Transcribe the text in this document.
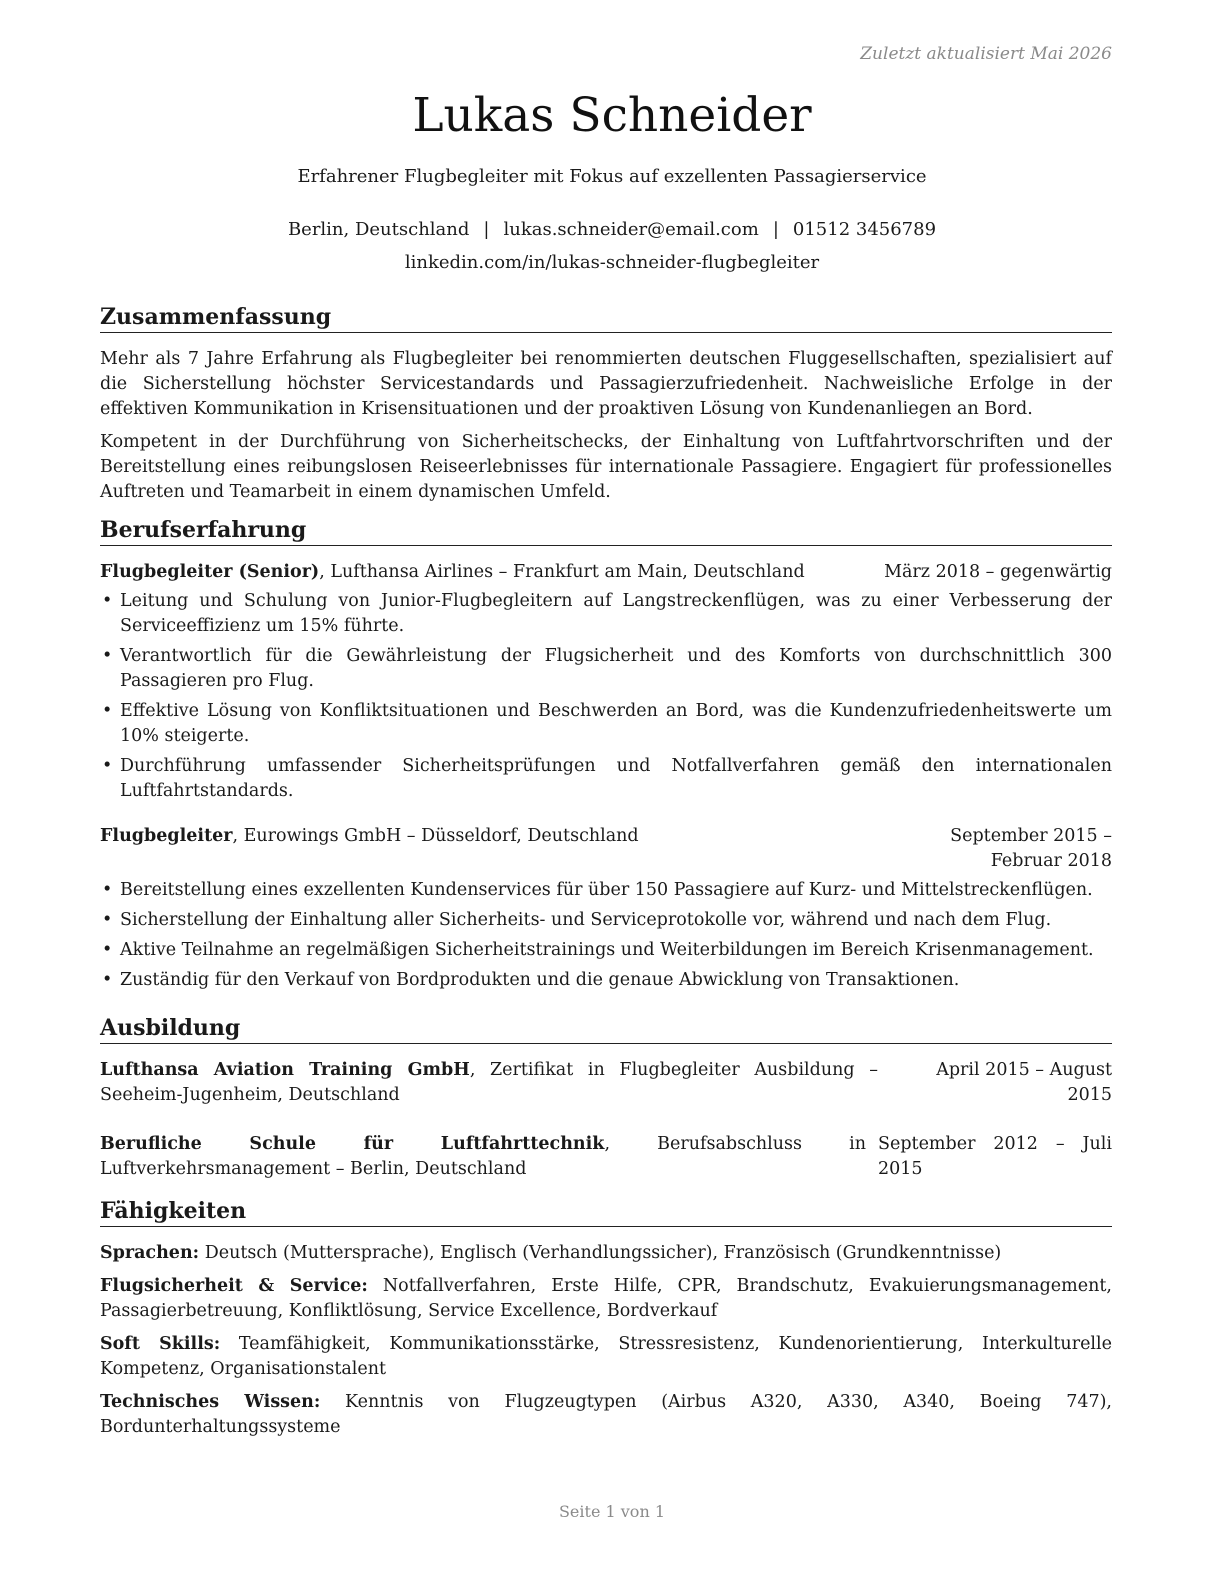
Zuletzt aktualisiert Mai 2026
Lukas Schneider
Erfahrener Flugbegleiter mit Fokus auf exzellenten Passagierservice
Berlin, Deutschland | lukas.schneider@email.com | 01512 3456789
linkedin.com/in/lukas-schneider-flugbegleiter
Zusammenfassung

Mehr als 7 Jahre Erfahrung als Flugbegleiter bei renommierten deutschen Fluggesellschaften, spezialisiert auf die Sicherstellung höchster Servicestandards und Passagierzufriedenheit. Nachweisliche Erfolge in der effektiven Kommunikation in Krisensituationen und der proaktiven Lösung von Kundenanliegen an Bord.

Kompetent in der Durchführung von Sicherheitschecks, der Einhaltung von Luftfahrtvorschriften und der Bereitstellung eines reibungslosen Reiseerlebnisses für internationale Passagiere. Engagiert für professionelles Auftreten und Teamarbeit in einem dynamischen Umfeld.

Berufserfahrung
Flugbegleiter (Senior), Lufthansa Airlines – Frankfurt am Main, Deutschland	März 2018 – gegenwärtig
• Leitung und Schulung von Junior-Flugbegleitern auf Langstreckenflügen, was zu einer Verbesserung der Serviceeffizienz um 15% führte.
• Verantwortlich für die Gewährleistung der Flugsicherheit und des Komforts von durchschnittlich 300 Passagieren pro Flug.
• Effektive Lösung von Konfliktsituationen und Beschwerden an Bord, was die Kundenzufriedenheitswerte um 10% steigerte.
• Durchführung umfassender Sicherheitsprüfungen und Notfallverfahren gemäß den internationalen Luftfahrtstandards.
Flugbegleiter, Eurowings GmbH – Düsseldorf, Deutschland	September 2015 – Februar 2018
• Bereitstellung eines exzellenten Kundenservices für über 150 Passagiere auf Kurz- und Mittelstreckenflügen.
• Sicherstellung der Einhaltung aller Sicherheits- und Serviceprotokolle vor, während und nach dem Flug.
• Aktive Teilnahme an regelmäßigen Sicherheitstrainings und Weiterbildungen im Bereich Krisenmanagement.
• Zuständig für den Verkauf von Bordprodukten und die genaue Abwicklung von Transaktionen.
Ausbildung
Lufthansa Aviation Training GmbH, Zertifikat in Flugbegleiter Ausbildung – Seeheim-Jugenheim, Deutschland
April 2015 – August 2015
Berufliche Schule für Luftfahrttechnik, Berufsabschluss in Luftverkehrsmanagement – Berlin, Deutschland
September 2012 – Juli 2015
Fähigkeiten
Sprachen: Deutsch (Muttersprache), Englisch (Verhandlungssicher), Französisch (Grundkenntnisse)
Flugsicherheit & Service: Notfallverfahren, Erste Hilfe, CPR, Brandschutz, Evakuierungsmanagement, Passagierbetreuung, Konfliktlösung, Service Excellence, Bordverkauf
Soft Skills: Teamfähigkeit, Kommunikationsstärke, Stressresistenz, Kundenorientierung, Interkulturelle Kompetenz, Organisationstalent
Technisches Wissen: Kenntnis von Flugzeugtypen (Airbus A320, A330, A340, Boeing 747), Bordunterhaltungssysteme
Seite 1 von 1
